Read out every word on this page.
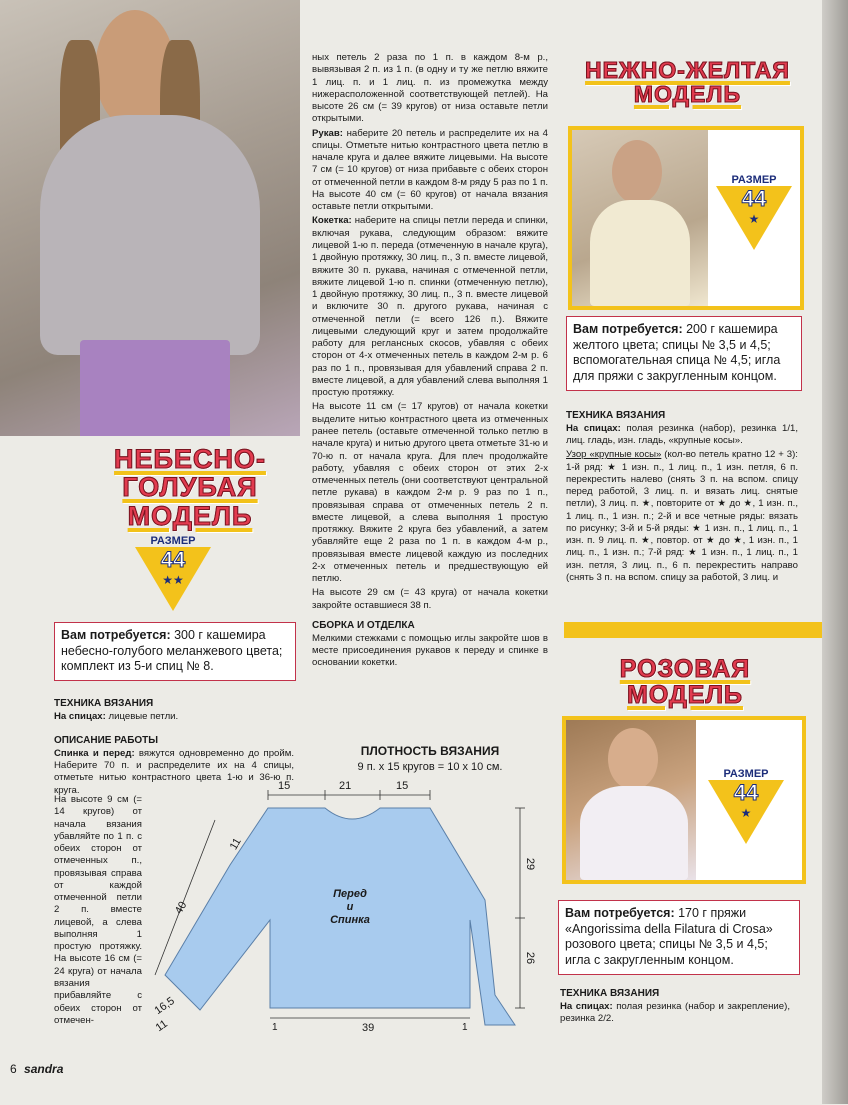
НЕБЕСНО-
ГОЛУБАЯ
МОДЕЛЬ
РАЗМЕР
44
★★
Вам потребуется: 300 г кашемира небесно-голубого меланжевого цвета; комплект из 5-и спиц № 8.
ТЕХНИКА ВЯЗАНИЯ

На спицах: лицевые петли.

ОПИСАНИЕ РАБОТЫ

Спинка и перед: вяжутся одновременно до пройм. Наберите 70 п. и распределите их на 4 спицы, отметьте нитью контрастного цвета 1-ю и 36-ю п. круга.

На высоте 9 см (= 14 кругов) от начала вязания убавляйте по 1 п. с обеих сторон от отмеченных п., провязывая справа от каждой отмеченной петли 2 п. вместе лицевой, а слева выполняя 1 простую протяжку. На высоте 16 см (= 24 круга) от начала вязания прибавляйте с обеих сторон от отмечен-

ных петель 2 раза по 1 п. в каждом 8-м р., вывязывая 2 п. из 1 п. (в одну и ту же петлю вяжите 1 лиц. п. и 1 лиц. п. из промежутка между нижерасположенной соответствующей петлей). На высоте 26 см (= 39 кругов) от низа оставьте петли открытыми.

Рукав: наберите 20 петель и распределите их на 4 спицы. Отметьте нитью контрастного цвета петлю в начале круга и далее вяжите лицевыми. На высоте 7 см (= 10 кругов) от низа прибавьте с обеих сторон от отмеченной петли в каждом 8-м ряду 5 раз по 1 п. На высоте 40 см (= 60 кругов) от начала вязания оставьте петли открытыми.

Кокетка: наберите на спицы петли переда и спинки, включая рукава, следующим образом: вяжите лицевой 1-ю п. переда (отмеченную в начале круга), 1 двойную протяжку, 30 лиц. п., 3 п. вместе лицевой, вяжите 30 п. рукава, начиная с отмеченной петли, вяжите лицевой 1-ю п. спинки (отмеченную петлю), 1 двойную протяжку, 30 лиц. п., 3 п. вместе лицевой и включите 30 п. другого рукава, начиная с отмеченной петли (= всего 126 п.). Вяжите лицевыми следующий круг и затем продолжайте работу для реглансных скосов, убавляя с обеих сторон от 4-х отмеченных петель в каждом 2-м р. 6 раз по 1 п., провязывая для убавлений справа 2 п. вместе лицевой, а для убавлений слева выполняя 1 простую протяжку.

На высоте 11 см (= 17 кругов) от начала кокетки выделите нитью контрастного цвета из отмеченных ранее петель (оставьте отмеченной только петлю в начале круга) и нитью другого цвета отметьте 31-ю и 70-ю п. от начала круга. Для плеч продолжайте работу, убавляя с обеих сторон от этих 2-х отмеченных петель (они соответствуют центральной петле рукава) в каждом 2-м р. 9 раз по 1 п., провязывая справа от отмеченных петель 2 п. вместе лицевой, а слева выполняя 1 простую протяжку. Вяжите 2 круга без убавлений, а затем убавляйте еще 2 раза по 1 п. в каждом 4-м р., провязывая вместе лицевой каждую из последних 2-х отмеченных петель и предшествующую ей петлю.

На высоте 29 см (= 43 круга) от начала кокетки закройте оставшиеся 38 п.

СБОРКА И ОТДЕЛКА

Мелкими стежками с помощью иглы закройте шов в месте присоединения рукавов к переду и спинке в основании кокетки.

ПЛОТНОСТЬ ВЯЗАНИЯ
9 п. х 15 кругов = 10 х 10 см.
Перед
и
Спинка
15	21	15
11
40
16,5
11
29
26
1	39	1
НЕЖНО-ЖЕЛТАЯ
МОДЕЛЬ
РАЗМЕР
44
★
Вам потребуется: 200 г кашемира желтого цвета; спицы № 3,5 и 4,5; вспомогательная спица № 4,5; игла для пряжи с закругленным концом.
ТЕХНИКА ВЯЗАНИЯ

На спицах: полая резинка (набор), резинка 1/1, лиц. гладь, изн. гладь, «крупные косы».

Узор «крупные косы» (кол-во петель кратно 12 + 3): 1-й ряд: ★ 1 изн. п., 1 лиц. п., 1 изн. петля, 6 п. перекрестить налево (снять 3 п. на вспом. спицу перед работой, 3 лиц. п. и вязать лиц. снятые петли), 3 лиц. п. ★, повторите от ★ до ★, 1 изн. п., 1 лиц. п., 1 изн. п.; 2-й и все четные ряды: вязать по рисунку; 3-й и 5-й ряды: ★ 1 изн. п., 1 лиц. п., 1 изн. п. 9 лиц. п. ★, повтор. от ★ до ★, 1 изн. п., 1 лиц. п., 1 изн. п.; 7-й ряд: ★ 1 изн. п., 1 лиц. п., 1 изн. петля, 3 лиц. п., 6 п. перекрестить направо (снять 3 п. на вспом. спицу за работой, 3 лиц. и

РОЗОВАЯ
МОДЕЛЬ
РАЗМЕР
44
★
Вам потребуется: 170 г пряжи «Angorissima della Filatura di Crosa» розового цвета; спицы № 3,5 и 4,5; игла с закругленным концом.
ТЕХНИКА ВЯЗАНИЯ

На спицах: полая резинка (набор и закрепление), резинка 2/2.

6 sandra
